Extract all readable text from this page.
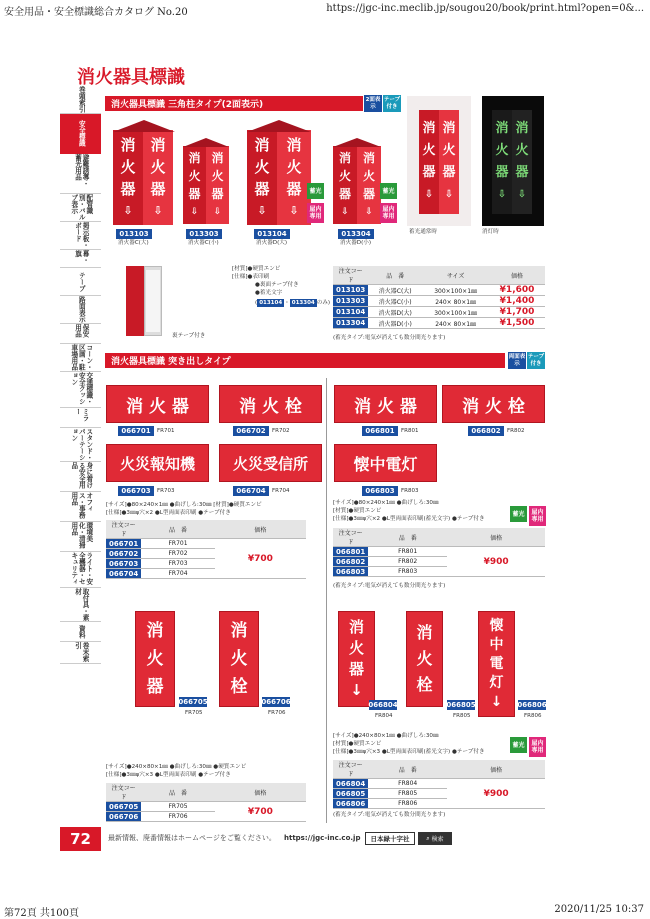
安全用品・安全標識総合カタログ No.20	https://jgc-inc.meclib.jp/sougou20/book/print.html?open=0&...
第72頁 共100頁	2020/11/25 10:37
消火器具標識
巻頭索引
安全標識
避難誘導・蓄光用品
配管識別・バルブ表示
掲示板・ボード
幕・旗
テープ
路面表示
保安用品
コーン・区画・駐車場用品
交通標識・安全クッション
ミラー
スタンド・パーテーション
身に着ける安全用品
オフィス・事務用品
環境美化・清掃用品
ライト・安全機器・セキュリティ
取付具・素材
資料
巻末索引
消火器具標識 三角柱タイプ(2面表示)	2面表示
テープ付き
消
火
器
⇩
消
火
器
⇩
消
火
器
⇩
消
火
器
⇩
消
火
器
⇩
消
火
器
⇩
蓄光
屋内専用
消
火
器
⇩
消
火
器
⇩
蓄光
屋内専用
013103
消火器C(大)
013303
消火器C(小)
013104
消火器D(大)
013304
消火器D(小)
消
火
器
⇩
消
火
器
⇩
蓄光通常時
消
火
器
⇩
消
火
器
⇩
消灯時
裏テープ付き
[材質]●硬質エンビ
[仕様]●表印刷
●裏面テープ付き
●蓄光文字
( 013104 ・ 013304 のみ)
注文コード	品　番	サイズ	価格
013103	消火器C(大)	300×100×1㎜	¥1,600
013303	消火器C(小)	240× 80×1㎜	¥1,400
013104	消火器D(大)	300×100×1㎜	¥1,700
013304	消火器D(小)	240× 80×1㎜	¥1,500
(蓄光タイプ:電気が消えても数分間光ります)
消火器具標識 突き出しタイプ	両面表示
テープ付き
消 火 器
066701	FR701
消 火 栓
066702	FR702
火災報知機
066703	FR703
火災受信所
066704	FR704
消 火 器
066801	FR801
消 火 栓
066802	FR802
懐中電灯
066803	FR803
[サイズ]●80×240×1㎜ ●曲げしろ:30㎜ [材質]●硬質エンビ
[仕様]●3㎜φ穴×2 ●L型両面表印刷 ●テープ付き
注文コード	品　番	価格
066701	FR701	¥700
066702	FR702	
066703	FR703	
066704	FR704	
[サイズ]●80×240×1㎜ ●曲げしろ:30㎜
[材質]●硬質エンビ
[仕様]●3㎜φ穴×2 ●L型両面表印刷(蓄光文字) ●テープ付き
蓄光	屋内専用
注文コード	品　番	価格
066801	FR801	¥900
066802	FR802	
066803	FR803	
(蓄光タイプ:電気が消えても数分間光ります)
消
火
器
066705
FR705
消
火
栓
066706
FR706
消
火
器
↓
066804
FR804
消
火
栓
066805
FR805
懐
中
電
灯
↓ 066806
FR806
[サイズ]●240×80×1㎜ ●曲げしろ:30㎜ ●硬質エンビ
[仕様]●3㎜φ穴×3 ●L型両面表印刷 ●テープ付き
注文コード	品　番	価格
066705	FR705	¥700
066706	FR706	
[サイズ]●240×80×1㎜ ●曲げしろ:30㎜
[材質]●硬質エンビ
[仕様]●3㎜φ穴×3 ●L型両面表印刷(蓄光文字) ●テープ付き
蓄光	屋内専用
注文コード	品　番	価格
066804	FR804	¥900
066805	FR805	
066806	FR806	
(蓄光タイプ:電気が消えても数分間光ります)
72	最新情報、廃番情報はホームページをご覧ください。 https://jgc-inc.co.jp	日本緑十字社	⌕ 検索
